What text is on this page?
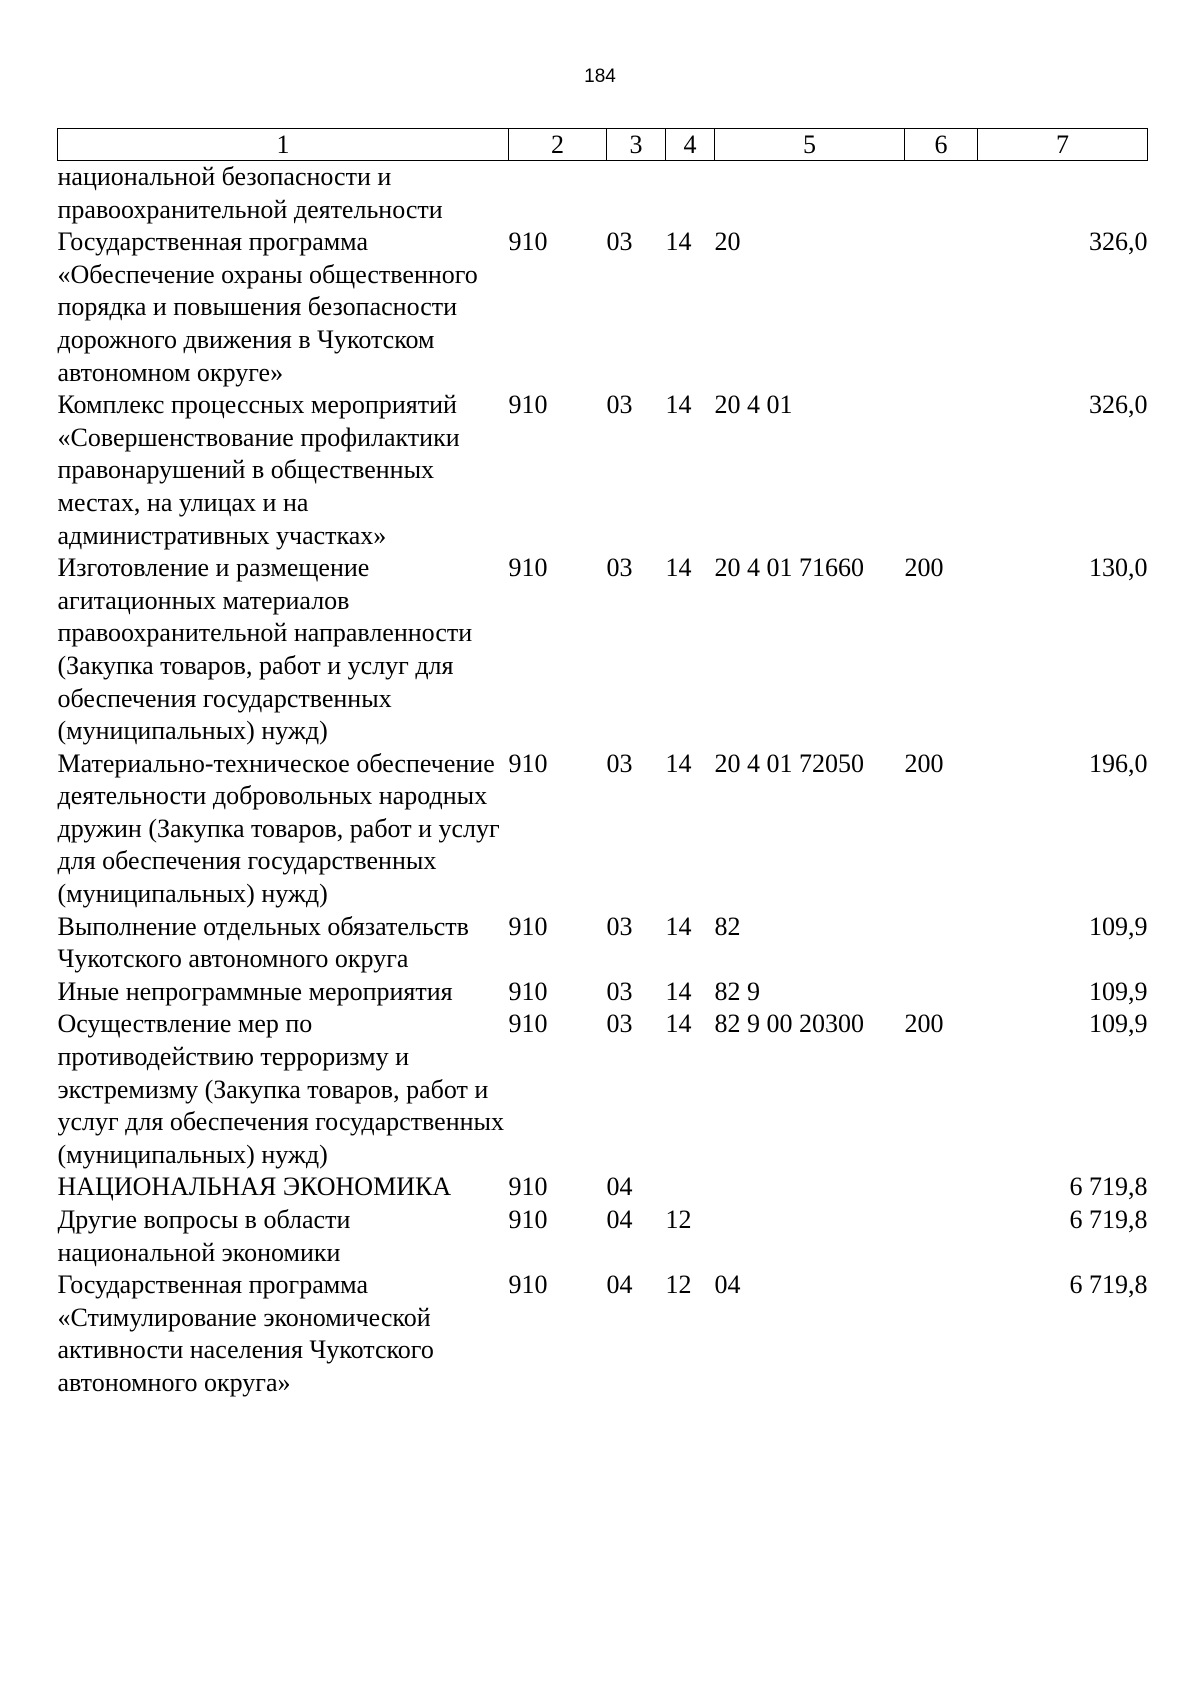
184
1	2	3	4	5	6	7
национальной безопасности и правоохранительной деятельности						
Государственная программа «Обеспечение охраны общественного порядка и повышения безопасности дорожного движения в Чукотском автономном округе»	910	03	14	20		326,0
Комплекс процессных мероприятий «Совершенствование профилактики правонарушений в общественных местах, на улицах и на административных участках»	910	03	14	20 4 01		326,0
Изготовление и размещение агитационных материалов правоохранительной направленности (Закупка товаров, работ и услуг для обеспечения государственных (муниципальных) нужд)	910	03	14	20 4 01 71660	200	130,0
Материально-техническое обеспечение деятельности добровольных народных дружин (Закупка товаров, работ и услуг для обеспечения государственных (муниципальных) нужд)	910	03	14	20 4 01 72050	200	196,0
Выполнение отдельных обязательств Чукотского автономного округа	910	03	14	82		109,9
Иные непрограммные мероприятия	910	03	14	82 9		109,9
Осуществление мер по противодействию терроризму и экстремизму (Закупка товаров, работ и услуг для обеспечения государственных (муниципальных) нужд)	910	03	14	82 9 00 20300	200	109,9
НАЦИОНАЛЬНАЯ ЭКОНОМИКА	910	04				6 719,8
Другие вопросы в области национальной экономики	910	04	12			6 719,8
Государственная программа «Стимулирование экономической активности населения Чукотского автономного округа»	910	04	12	04		6 719,8
